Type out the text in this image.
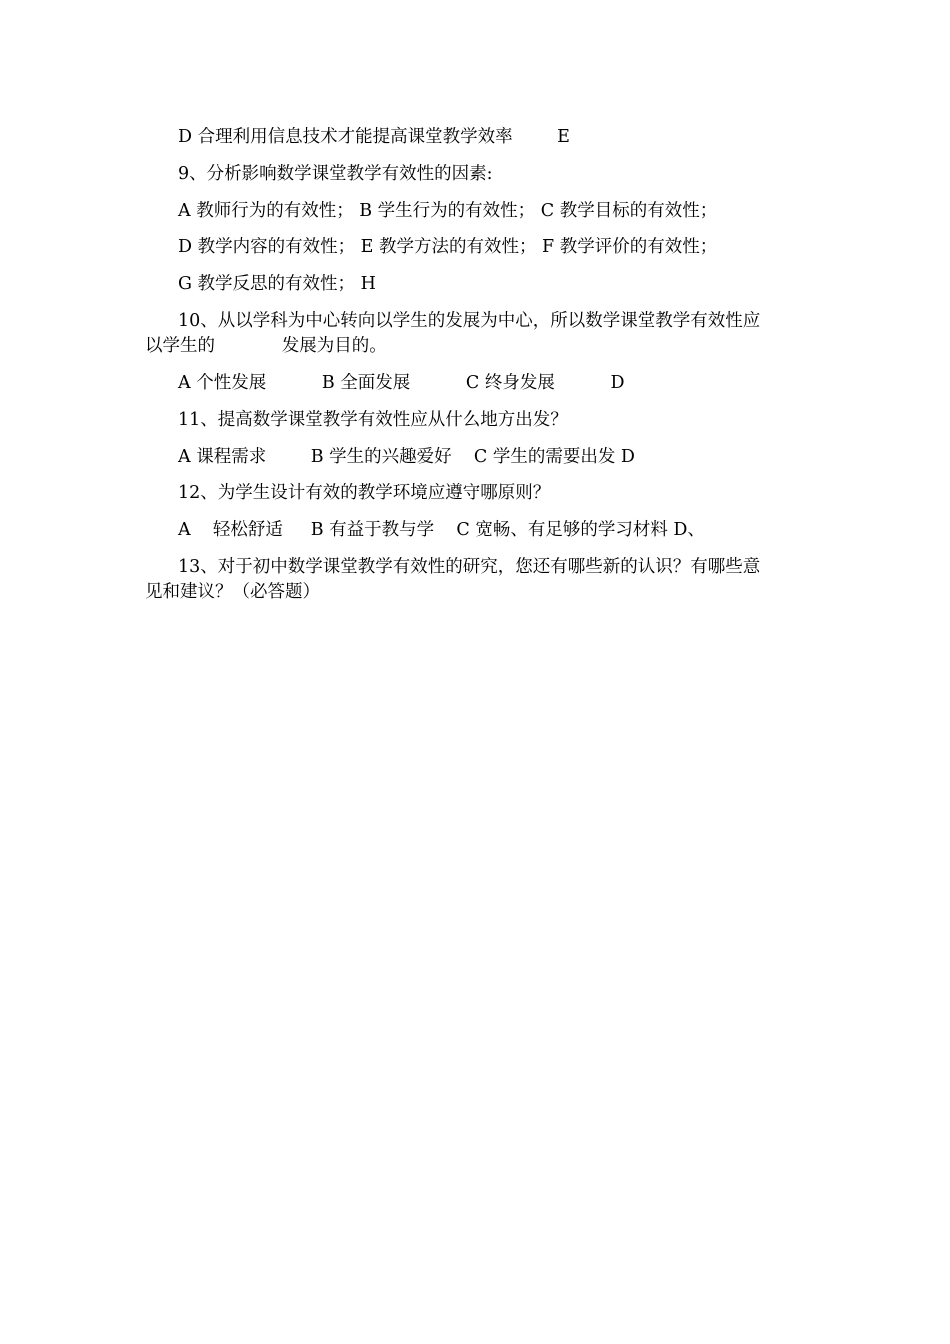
D 合理利用信息技术才能提高课堂教学效率        E
9、分析影响数学课堂教学有效性的因素:
A 教师行为的有效性； B 学生行为的有效性； C 教学目标的有效性；
D 教学内容的有效性； E 教学方法的有效性； F 教学评价的有效性；
G 教学反思的有效性； H
10、从以学科为中心转向以学生的发展为中心，所以数学课堂教学有效性应
以学生的            发展为目的。
A 个性发展          B 全面发展          C 终身发展          D
11、提高数学课堂教学有效性应从什么地方出发？
A 课程需求        B 学生的兴趣爱好    C 学生的需要出发 D
12、为学生设计有效的教学环境应遵守哪原则？
A    轻松舒适     B 有益于教与学    C 宽畅、有足够的学习材料 D、
13、对于初中数学课堂教学有效性的研究，您还有哪些新的认识？有哪些意
见和建议？（必答题）
